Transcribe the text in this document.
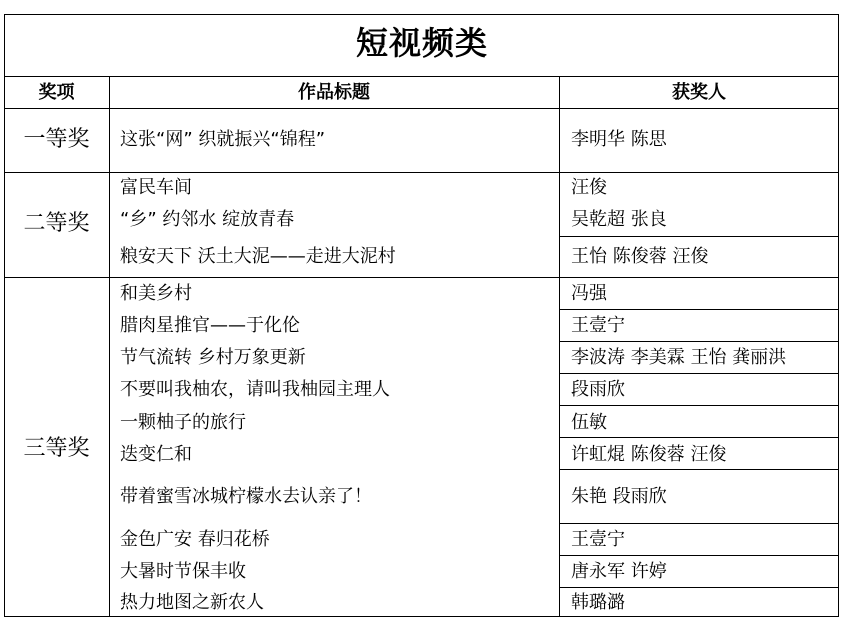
短视频类
奖项	作品标题	获奖人
一等奖	这张“网” 织就振兴“锦程”	李明华 陈思
二等奖
富民车间	汪俊
“乡” 约邻水 绽放青春	吴乾超 张良
粮安天下 沃土大泥——走进大泥村	王怡 陈俊蓉 汪俊
三等奖
和美乡村	冯强
腊肉星推官——于化伦	王壹宁
节气流转 乡村万象更新	李波涛 李美霖 王怡 龚丽洪
不要叫我柚农，请叫我柚园主理人	段雨欣
一颗柚子的旅行	伍敏
迭变仁和	许虹焜 陈俊蓉 汪俊
带着蜜雪冰城柠檬水去认亲了！	朱艳 段雨欣
金色广安 春归花桥	王壹宁
大暑时节保丰收	唐永军 许婷
热力地图之新农人	韩璐潞
